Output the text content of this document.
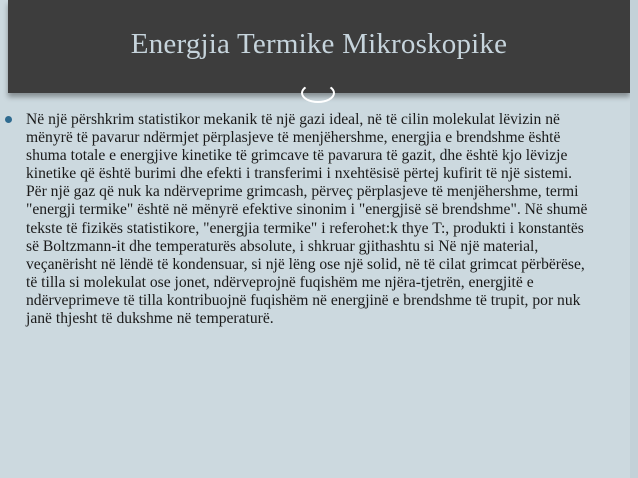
Energjia Termike Mikroskopike

Në një përshkrim statistikor mekanik të një gazi ideal, në të cilin molekulat lëvizin në mënyrë të pavarur ndërmjet përplasjeve të menjëhershme, energjia e brendshme është shuma totale e energjive kinetike të grimcave të pavarura të gazit, dhe është kjo lëvizje kinetike që është burimi dhe efekti i transferimi i nxehtësisë përtej kufirit të një sistemi. Për një gaz që nuk ka ndërveprime grimcash, përveç përplasjeve të menjëhershme, termi "energji termike" është në mënyrë efektive sinonim i "energjisë së brendshme". Në shumë tekste të fizikës statistikore, "energjia termike" i referohet:k thye T:, produkti i konstantës së Boltzmann-it dhe temperaturës absolute, i shkruar gjithashtu si Në një material, veçanërisht në lëndë të kondensuar, si një lëng ose një solid, në të cilat grimcat përbërëse, të tilla si molekulat ose jonet, ndërveprojnë fuqishëm me njëra-tjetrën, energjitë e ndërveprimeve të tilla kontribuojnë fuqishëm në energjinë e brendshme të trupit, por nuk janë thjesht të dukshme në temperaturë.
